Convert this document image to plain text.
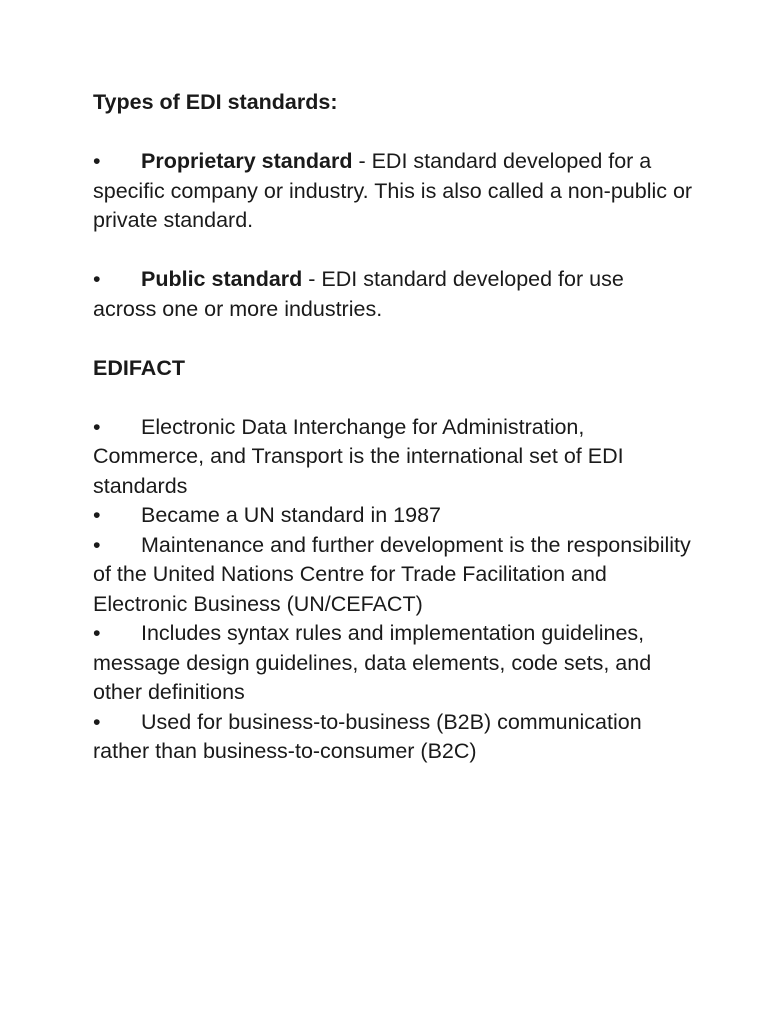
Types of EDI standards:

• Proprietary standard - EDI standard developed for a specific company or industry. This is also called a non-public or private standard.

• Public standard - EDI standard developed for use across one or more industries.

EDIFACT

• Electronic Data Interchange for Administration, Commerce, and Transport is the international set of EDI standards

• Became a UN standard in 1987

• Maintenance and further development is the responsibility of the United Nations Centre for Trade Facilitation and Electronic Business (UN/CEFACT)

• Includes syntax rules and implementation guidelines, message design guidelines, data elements, code sets, and other definitions

• Used for business-to-business (B2B) communication rather than business-to-consumer (B2C)
